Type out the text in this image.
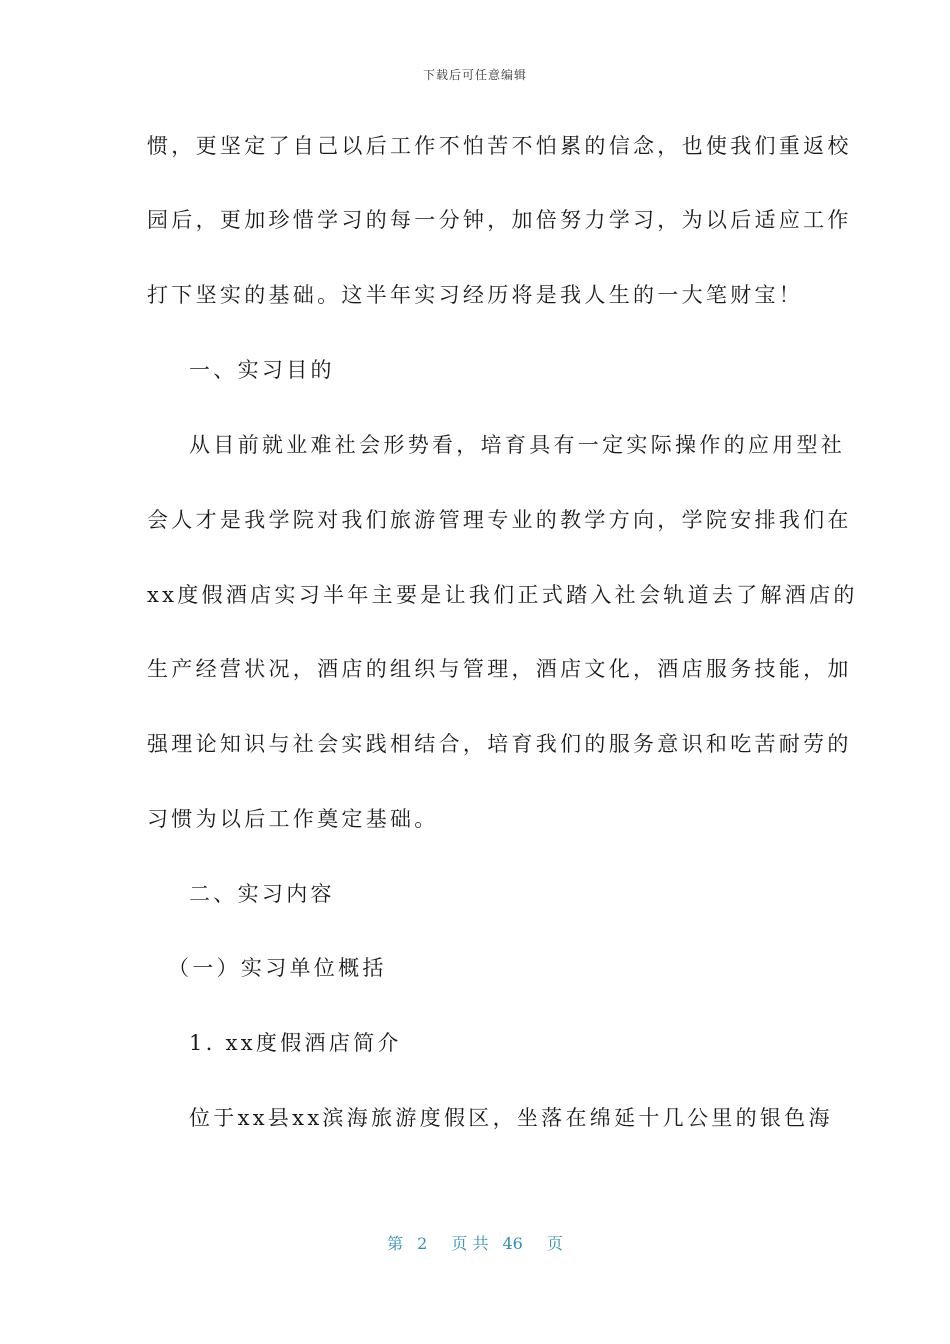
下载后可任意编辑
惯，更坚定了自己以后工作不怕苦不怕累的信念，也使我们重返校
园后，更加珍惜学习的每一分钟，加倍努力学习，为以后适应工作
打下坚实的基础。这半年实习经历将是我人生的一大笔财宝！
一、实习目的
从目前就业难社会形势看，培育具有一定实际操作的应用型社
会人才是我学院对我们旅游管理专业的教学方向，学院安排我们在
xx度假酒店实习半年主要是让我们正式踏入社会轨道去了解酒店的
生产经营状况，酒店的组织与管理，酒店文化，酒店服务技能，加
强理论知识与社会实践相结合，培育我们的服务意识和吃苦耐劳的
习惯为以后工作奠定基础。
二、实习内容
（一）实习单位概括
1. xx度假酒店简介
位于xx县xx滨海旅游度假区，坐落在绵延十几公里的银色海
第 2 页 共 46 页
